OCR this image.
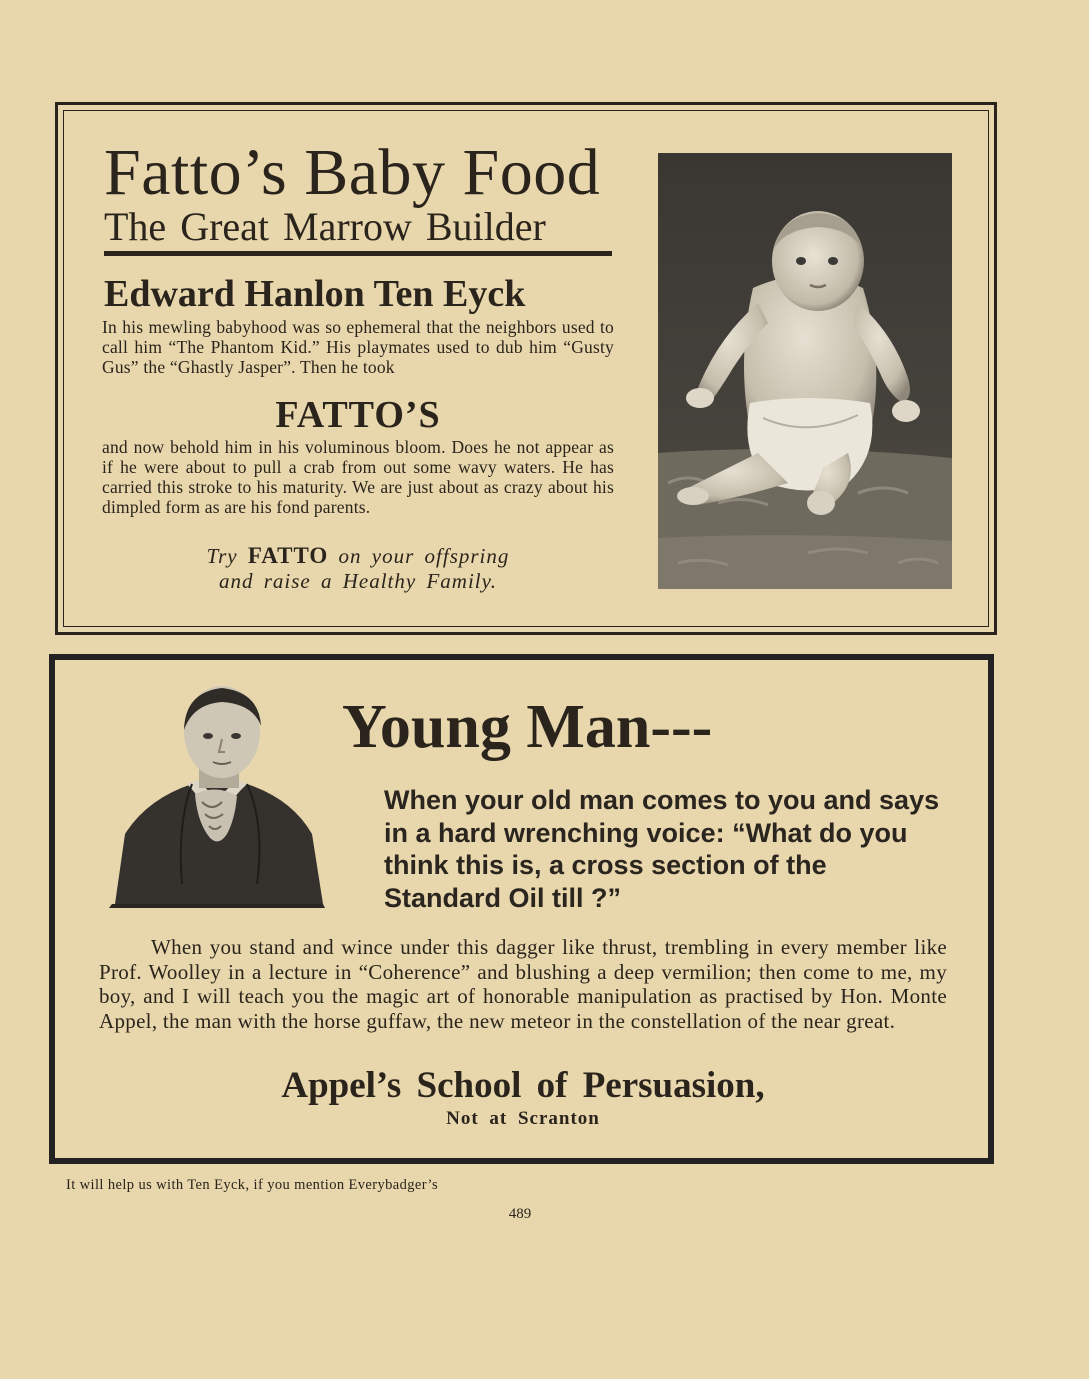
Fatto’s Baby Food
The Great Marrow Builder
Edward Hanlon Ten Eyck
In his mewling babyhood was so ephemeral that the neighbors used to call him “The Phantom Kid.” His playmates used to dub him “Gusty Gus” the “Ghastly Jasper”. Then he took
FATTO’S
and now behold him in his voluminous bloom. Does he not appear as if he were about to pull a crab from out some wavy waters. He has carried this stroke to his maturity. We are just about as crazy about his dimpled form as are his fond parents.
Try FATTO on your offspring
and raise a Healthy Family.
Young Man---
When your old man comes to you and says in a hard wrenching voice: “What do you think this is, a cross section of the Standard Oil till ?”
When you stand and wince under this dagger like thrust, trembling in every member like Prof. Woolley in a lecture in “Coherence” and blushing a deep vermilion; then come to me, my boy, and I will teach you the magic art of honorable manipulation as practised by Hon. Monte Appel, the man with the horse guffaw, the new meteor in the constellation of the near great.
Appel’s School of Persuasion,
Not at Scranton
It will help us with Ten Eyck, if you mention Everybadger’s
489
